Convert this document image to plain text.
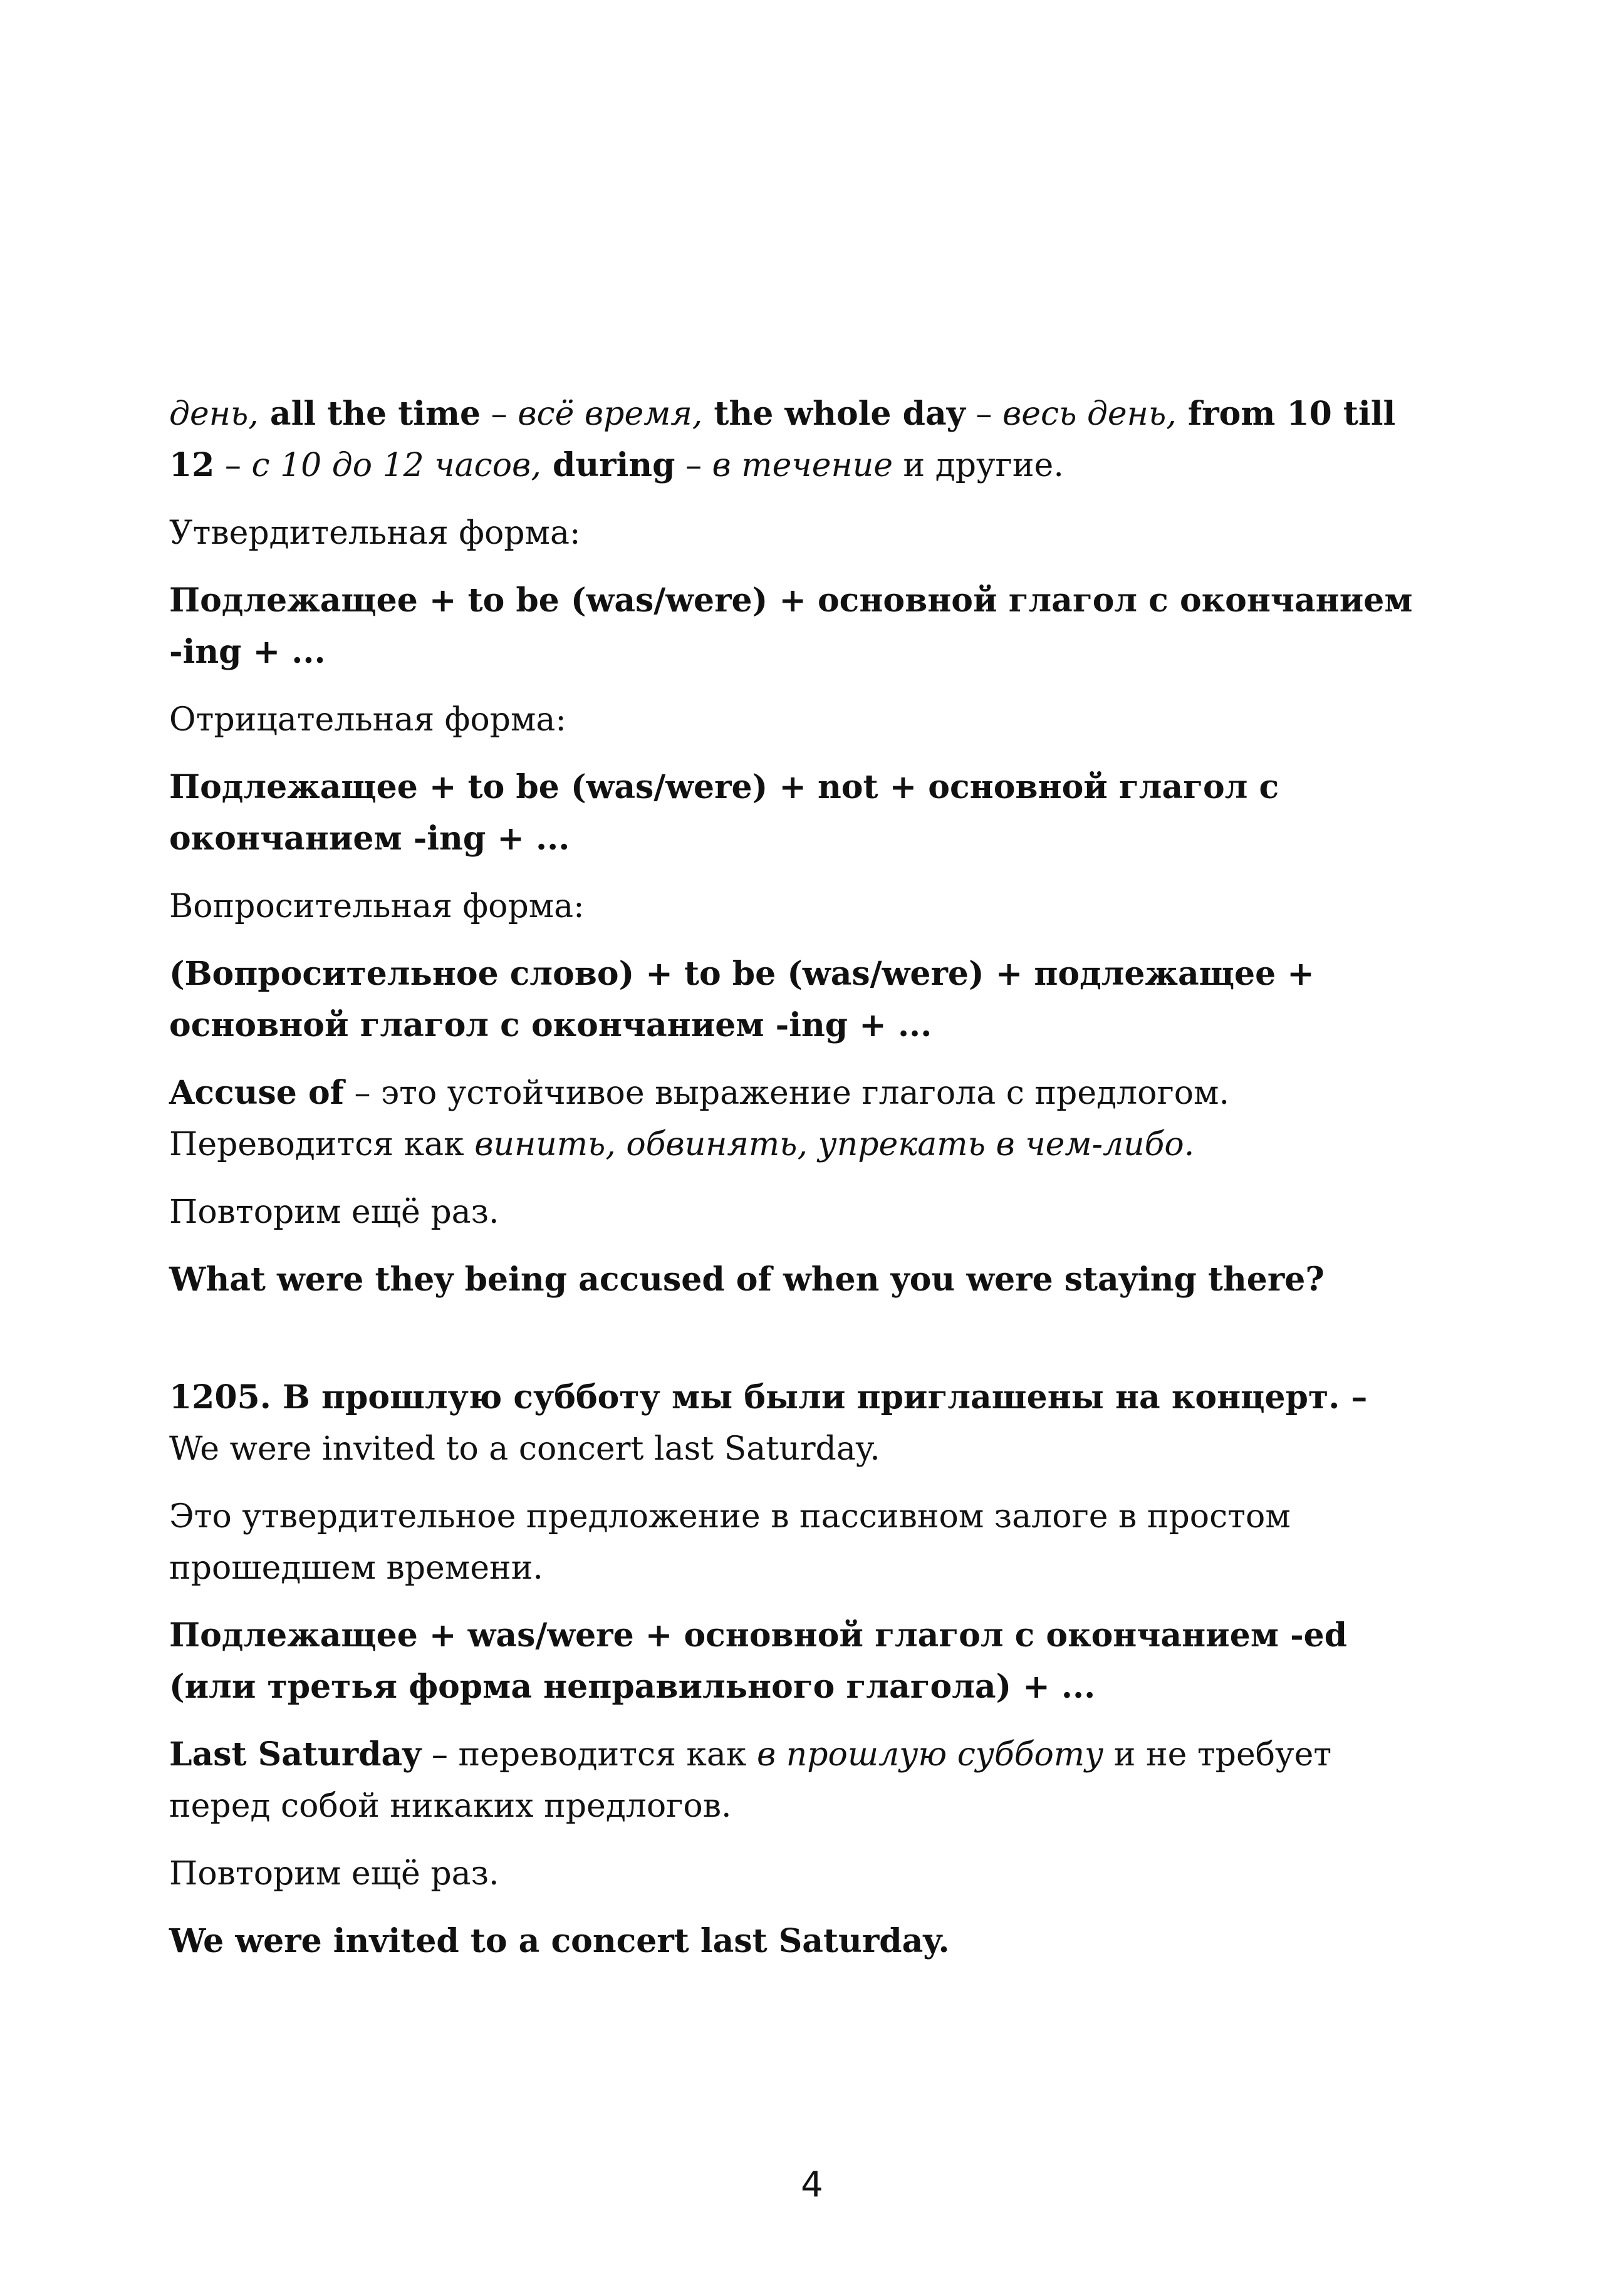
день, all the time – всё время, the whole day – весь день, from 10 till 12 – с 10 до 12 часов, during – в течение и другие.

Утвердительная форма:

Подлежащее + to be (was/were) + основной глагол с окончанием -ing + ...

Отрицательная форма:

Подлежащее + to be (was/were) + not + основной глагол с окончанием -ing + ...

Вопросительная форма:

(Вопросительное слово) + to be (was/were) + подлежащее + основной глагол с окончанием -ing + ...

Accuse of – это устойчивое выражение глагола с предлогом. Переводится как винить, обвинять, упрекать в чем-либо.

Повторим ещё раз.

What were they being accused of when you were staying there?

1205. В прошлую субботу мы были приглашены на концерт. – We were invited to a concert last Saturday.

Это утвердительное предложение в пассивном залоге в простом прошедшем времени.

Подлежащее + was/were + основной глагол с окончанием -ed (или третья форма неправильного глагола) + ...

Last Saturday – переводится как в прошлую субботу и не требует перед собой никаких предлогов.

Повторим ещё раз.

We were invited to a concert last Saturday.

4
